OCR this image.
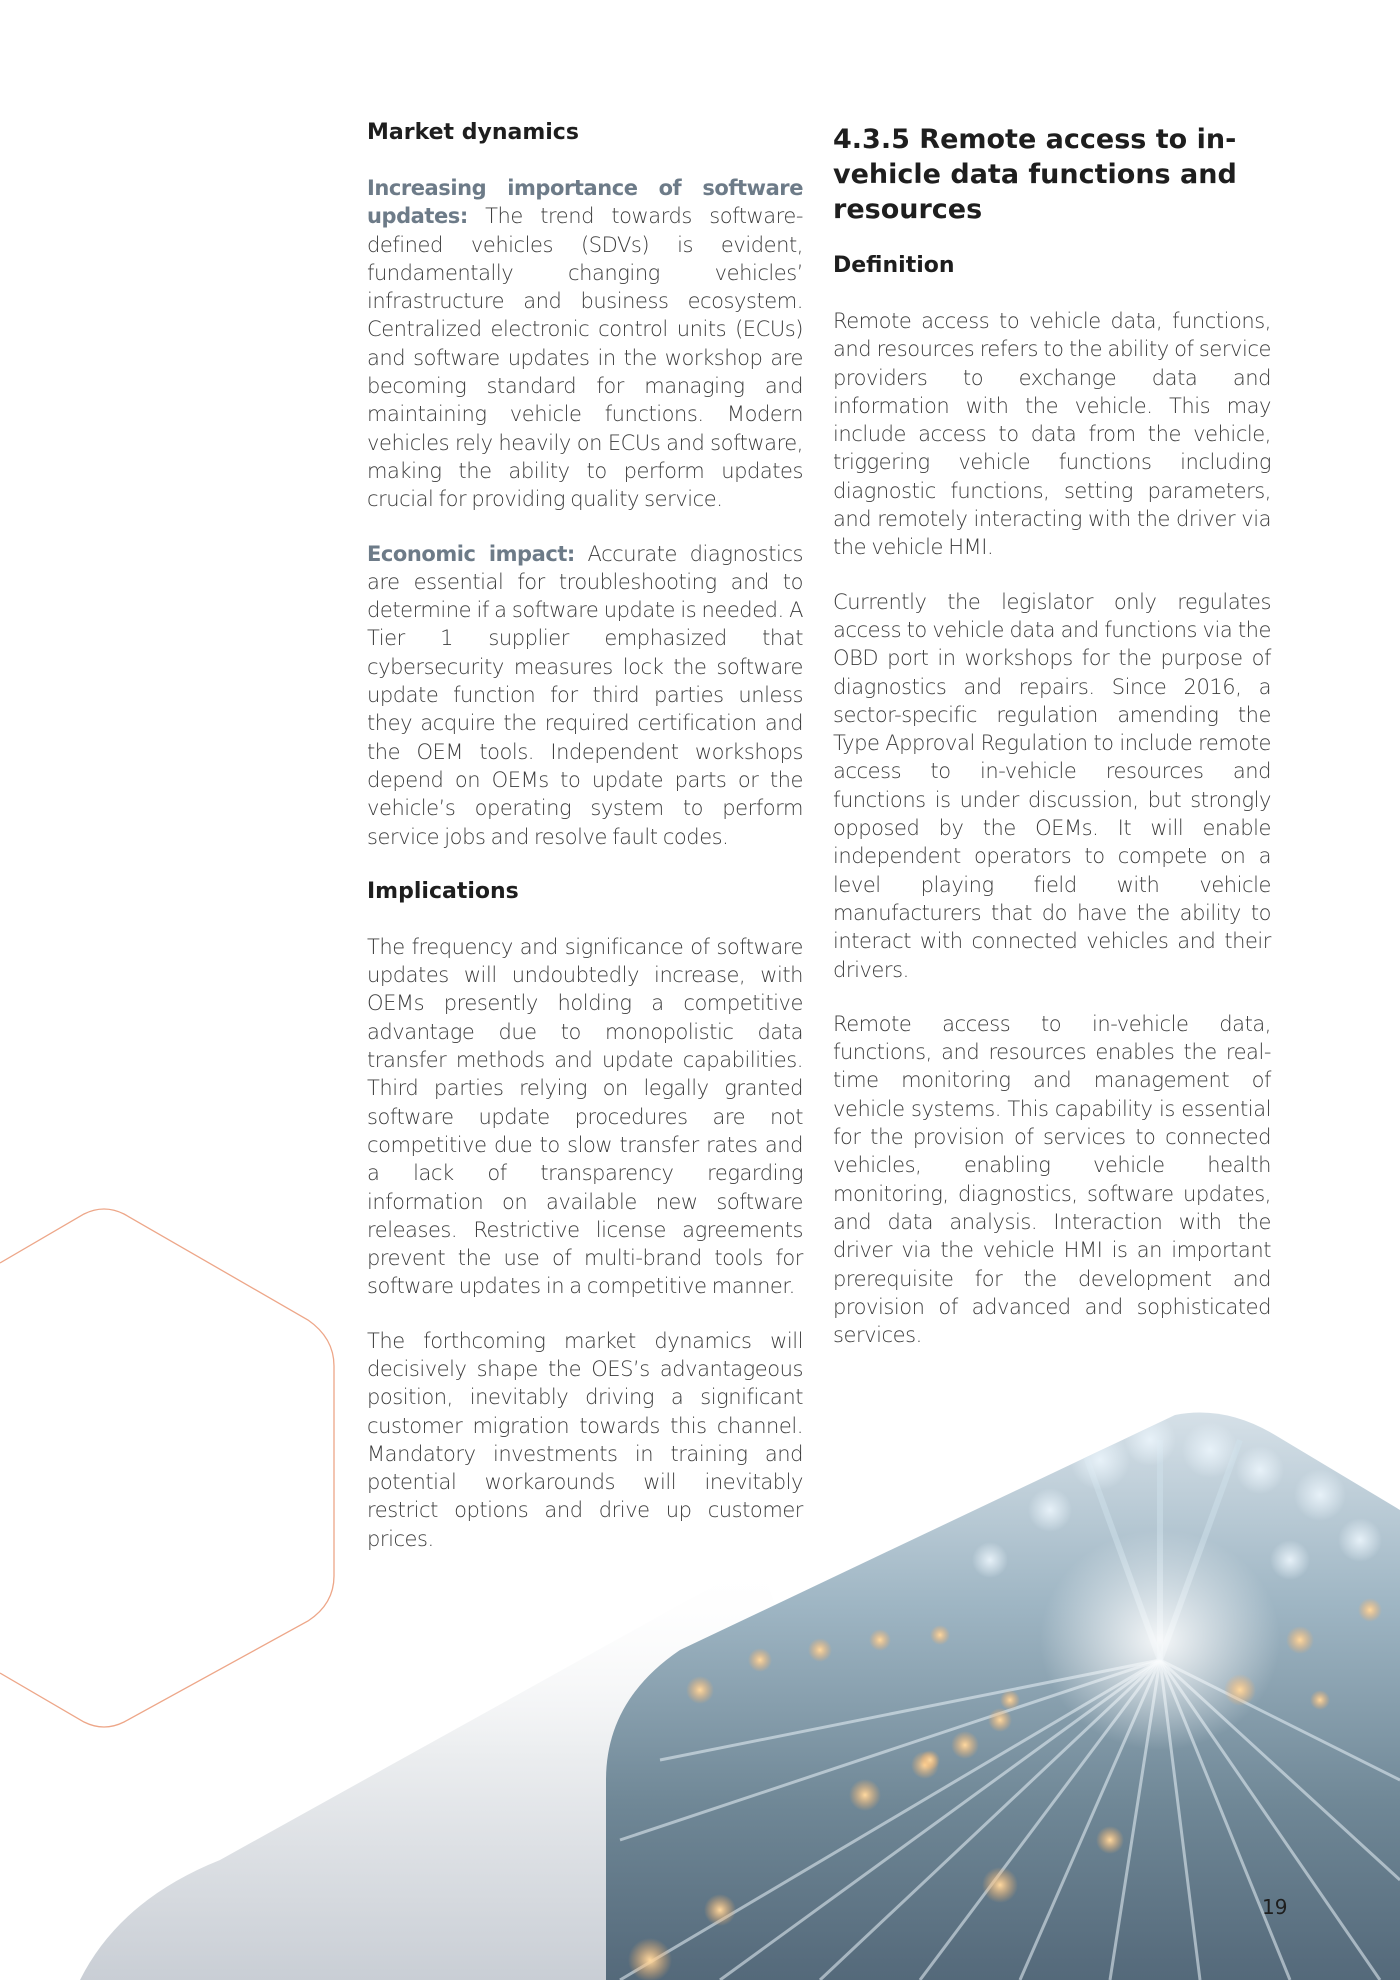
Market dynamics

Increasing importance of software updates: The trend towards software-defined vehicles (SDVs) is evident, fundamentally changing vehicles’ infrastructure and business ecosystem. Centralized electronic control units (ECUs) and software updates in the workshop are becoming standard for managing and maintaining vehicle functions. Modern vehicles rely heavily on ECUs and software, making the ability to perform updates crucial for providing quality service.

Economic impact: Accurate diagnostics are essential for troubleshooting and to determine if a software update is needed. A Tier 1 supplier emphasized that cybersecurity measures lock the software update function for third parties unless they acquire the required certification and the OEM tools. Independent workshops depend on OEMs to update parts or the vehicle’s operating system to perform service jobs and resolve fault codes.

Implications

The frequency and significance of software updates will undoubtedly increase, with OEMs presently holding a competitive advantage due to monopolistic data transfer methods and update capabilities. Third parties relying on legally granted software update procedures are not competitive due to slow transfer rates and a lack of transparency regarding information on available new software releases. Restrictive license agreements prevent the use of multi-brand tools for software updates in a competitive manner.

The forthcoming market dynamics will decisively shape the OES’s advantageous position, inevitably driving a significant customer migration towards this channel. Mandatory investments in training and potential workarounds will inevitably restrict options and drive up customer prices.

4.3.5 Remote access to in-vehicle data functions and resources
Definition

Remote access to vehicle data, functions, and resources refers to the ability of service providers to exchange data and information with the vehicle. This may include access to data from the vehicle, triggering vehicle functions including diagnostic functions, setting parameters, and remotely interacting with the driver via the vehicle HMI.

Currently the legislator only regulates access to vehicle data and functions via the OBD port in workshops for the purpose of diagnostics and repairs. Since 2016, a sector-specific regulation amending the Type Approval Regulation to include remote access to in-vehicle resources and functions is under discussion, but strongly opposed by the OEMs. It will enable independent operators to compete on a level playing field with vehicle manufacturers that do have the ability to interact with connected vehicles and their drivers.

Remote access to in-vehicle data, functions, and resources enables the real-time monitoring and management of vehicle systems. This capability is essential for the provision of services to connected vehicles, enabling vehicle health monitoring, diagnostics, software updates, and data analysis. Interaction with the driver via the vehicle HMI is an important prerequisite for the development and provision of advanced and sophisticated services.

19
